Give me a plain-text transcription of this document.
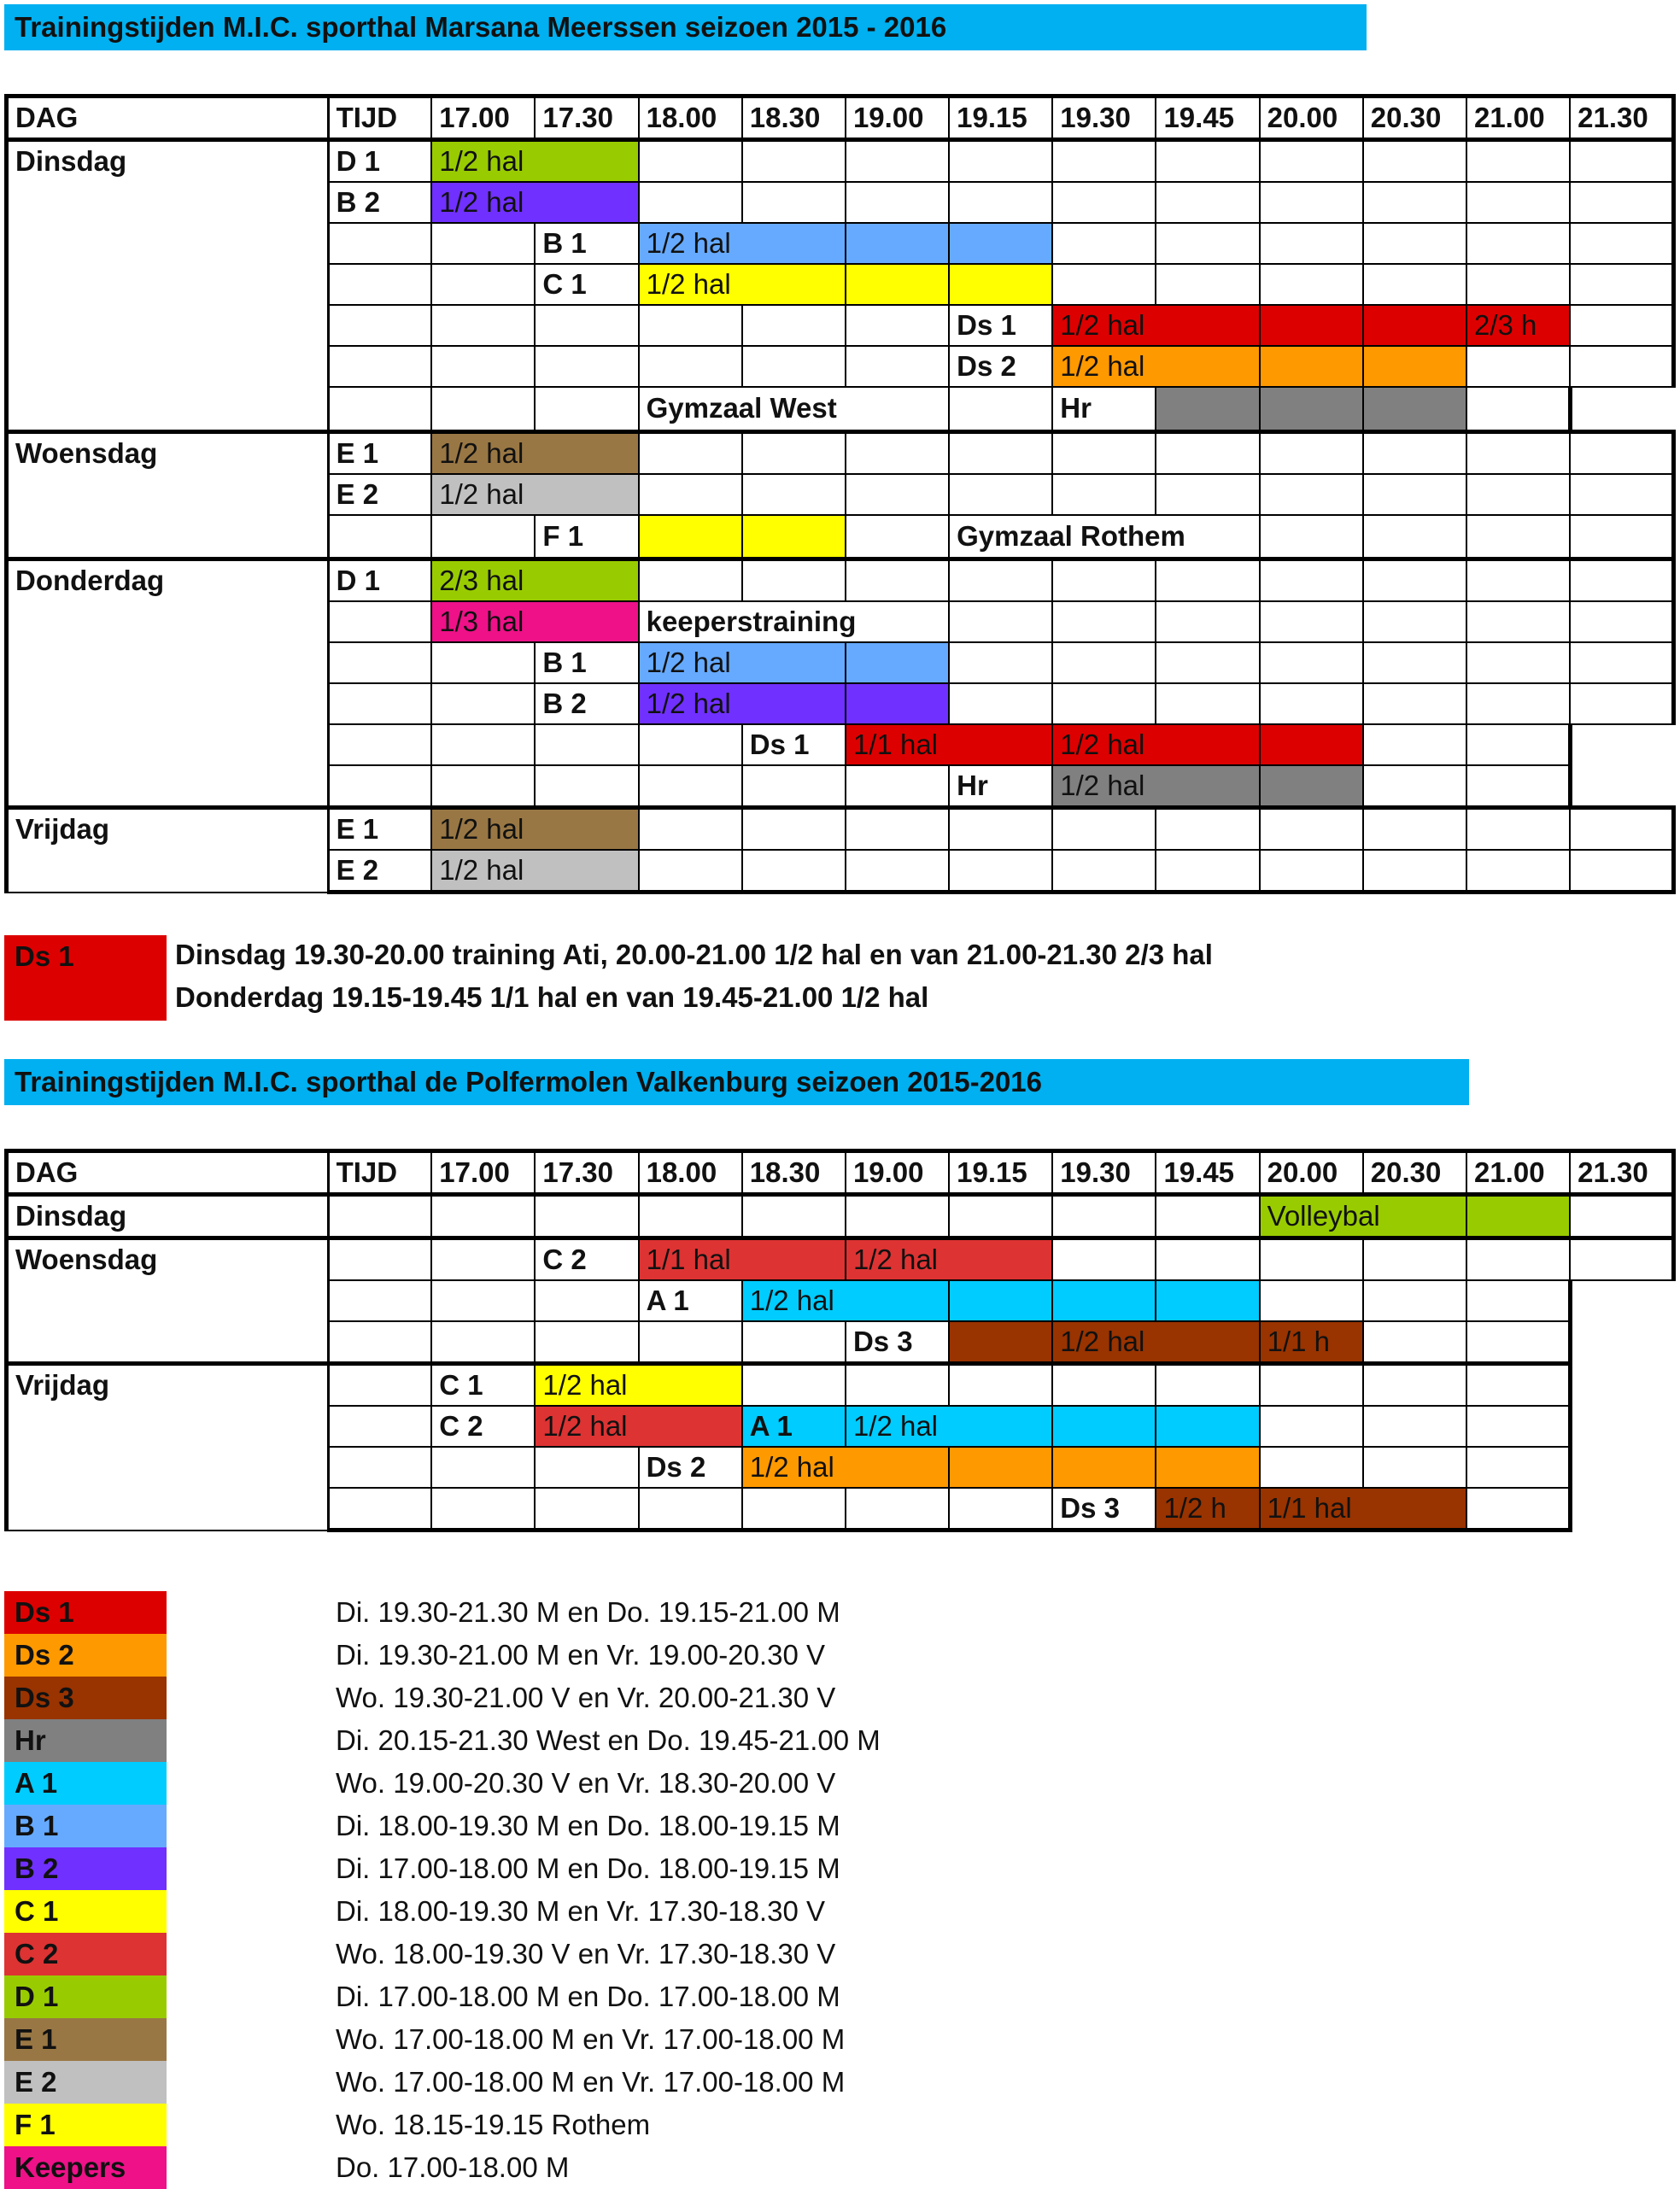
Trainingstijden M.I.C. sporthal Marsana Meerssen seizoen 2015 - 2016
DAG	TIJD	17.00	17.30	18.00	18.30	19.00	19.15	19.30	19.45	20.00	20.30	21.00	21.30
Dinsdag	D 1	1/2 hal											
	B 2	1/2 hal											
			B 1	1/2 hal									
			C 1	1/2 hal									
							Ds 1	1/2 hal				2/3 h	
							Ds 2	1/2 hal					
				Gymzaal West				Hr					
Woensdag	E 1	1/2 hal											
	E 2	1/2 hal											
			F 1				Gymzaal Rothem						
Donderdag	D 1	2/3 hal											
		1/3 hal		keeperstraining									
			B 1	1/2 hal									
			B 2	1/2 hal									
					Ds 1	1/1 hal		1/2 hal					
							Hr	1/2 hal					
Vrijdag	E 1	1/2 hal											
	E 2	1/2 hal											
Ds 1	Dinsdag 19.30-20.00 training Ati, 20.00-21.00 1/2 hal en van 21.00-21.30 2/3 hal
Donderdag 19.15-19.45 1/1 hal en van 19.45-21.00 1/2 hal
Trainingstijden M.I.C. sporthal de Polfermolen Valkenburg seizoen 2015-2016
DAG	TIJD	17.00	17.30	18.00	18.30	19.00	19.15	19.30	19.45	20.00	20.30	21.00	21.30
Dinsdag										Volleybal			
Woensdag			C 2	1/1 hal		1/2 hal							
				A 1	1/2 hal								
						Ds 3		1/2 hal		1/1 h			
Vrijdag		C 1	1/2 hal										
		C 2	1/2 hal		A 1	1/2 hal							
				Ds 2	1/2 hal								
								Ds 3	1/2 h	1/1 hal			
Ds 1	Di. 19.30-21.30 M en Do. 19.15-21.00 M
Ds 2	Di. 19.30-21.00 M en Vr. 19.00-20.30 V
Ds 3	Wo. 19.30-21.00 V en Vr. 20.00-21.30 V
Hr	Di. 20.15-21.30 West en Do. 19.45-21.00 M
A 1	Wo. 19.00-20.30 V en Vr. 18.30-20.00 V
B 1	Di. 18.00-19.30 M en Do. 18.00-19.15 M
B 2	Di. 17.00-18.00 M en Do. 18.00-19.15 M
C 1	Di. 18.00-19.30 M en Vr. 17.30-18.30 V
C 2	Wo. 18.00-19.30 V en Vr. 17.30-18.30 V
D 1	Di. 17.00-18.00 M en Do. 17.00-18.00 M
E 1	Wo. 17.00-18.00 M en Vr. 17.00-18.00 M
E 2	Wo. 17.00-18.00 M en Vr. 17.00-18.00 M
F 1	Wo. 18.15-19.15 Rothem
Keepers	Do. 17.00-18.00 M
